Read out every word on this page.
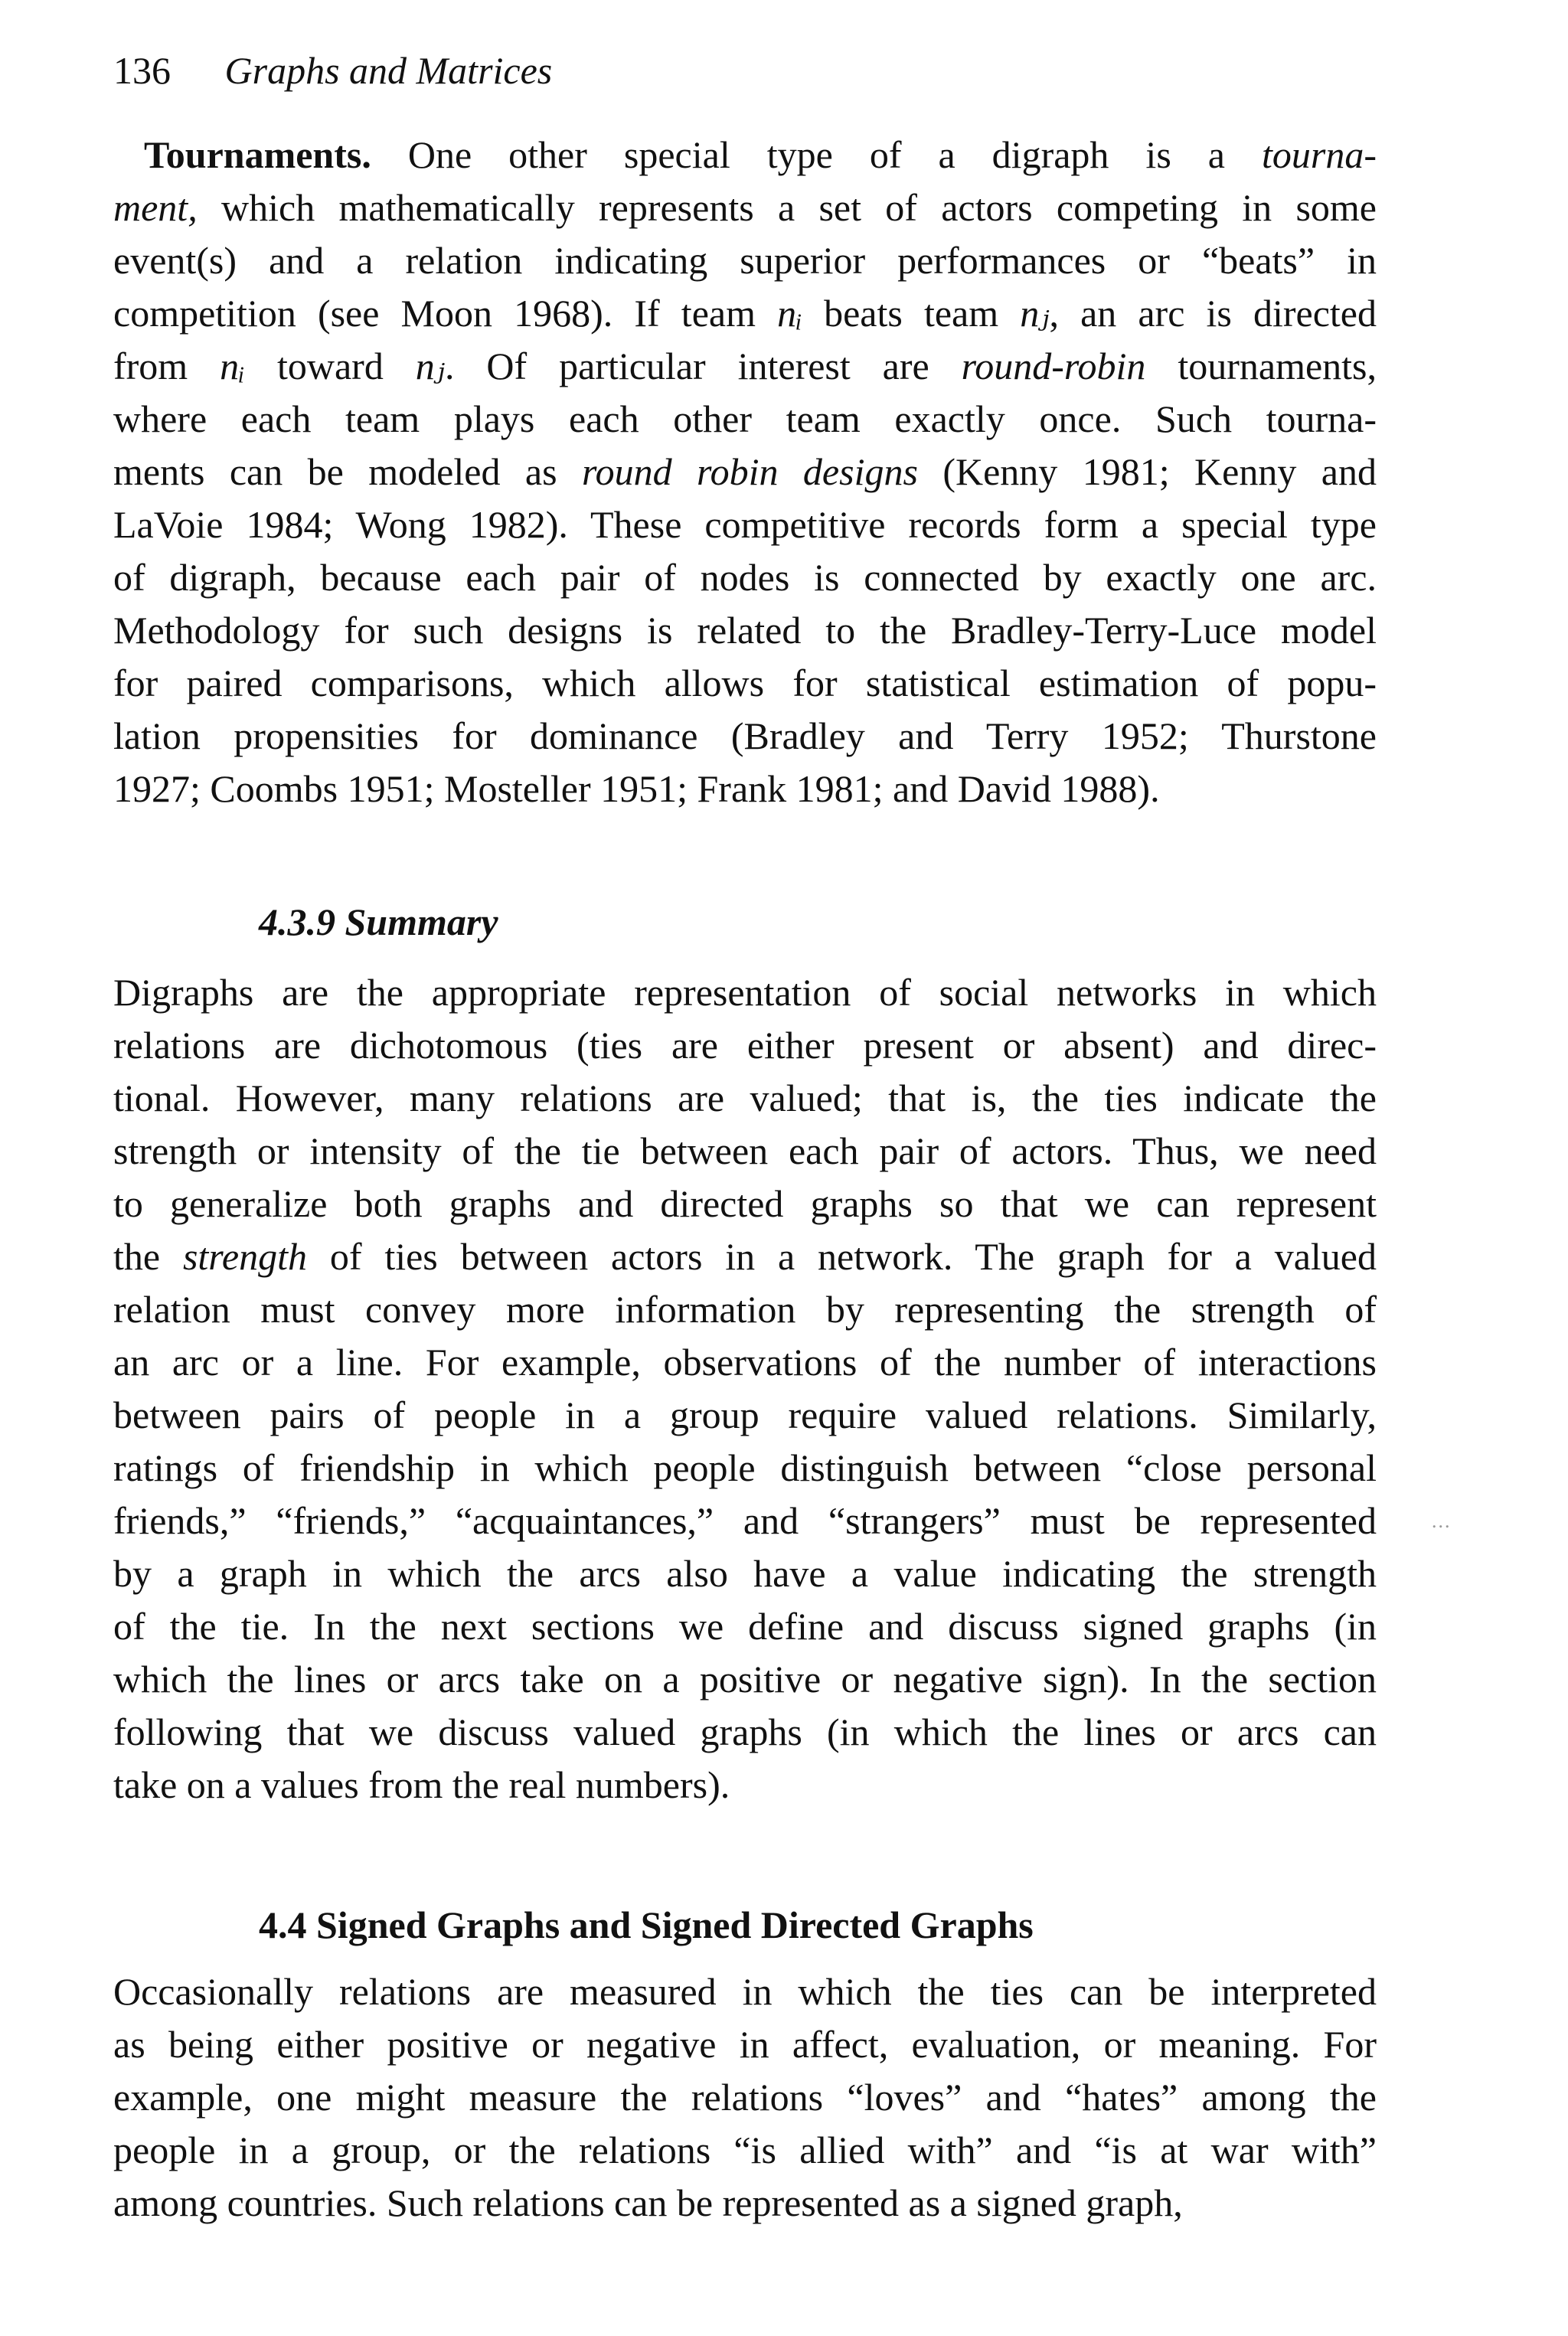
136 Graphs and Matrices
Tournaments. One other special type of a digraph is a tourna-
ment, which mathematically represents a set of actors competing in some
event(s) and a relation indicating superior performances or “beats” in
competition (see Moon 1968). If team nᵢ beats team nⱼ, an arc is directed
from nᵢ toward nⱼ. Of particular interest are round-robin tournaments,
where each team plays each other team exactly once. Such tourna-
ments can be modeled as round robin designs (Kenny 1981; Kenny and
LaVoie 1984; Wong 1982). These competitive records form a special type
of digraph, because each pair of nodes is connected by exactly one arc.
Methodology for such designs is related to the Bradley-Terry-Luce model
for paired comparisons, which allows for statistical estimation of popu-
lation propensities for dominance (Bradley and Terry 1952; Thurstone
1927; Coombs 1951; Mosteller 1951; Frank 1981; and David 1988).
4.3.9 Summary
Digraphs are the appropriate representation of social networks in which
relations are dichotomous (ties are either present or absent) and direc-
tional. However, many relations are valued; that is, the ties indicate the
strength or intensity of the tie between each pair of actors. Thus, we need
to generalize both graphs and directed graphs so that we can represent
the strength of ties between actors in a network. The graph for a valued
relation must convey more information by representing the strength of
an arc or a line. For example, observations of the number of interactions
between pairs of people in a group require valued relations. Similarly,
ratings of friendship in which people distinguish between “close personal
friends,” “friends,” “acquaintances,” and “strangers” must be represented
by a graph in which the arcs also have a value indicating the strength
of the tie. In the next sections we define and discuss signed graphs (in
which the lines or arcs take on a positive or negative sign). In the section
following that we discuss valued graphs (in which the lines or arcs can
take on a values from the real numbers).
4.4 Signed Graphs and Signed Directed Graphs
Occasionally relations are measured in which the ties can be interpreted
as being either positive or negative in affect, evaluation, or meaning. For
example, one might measure the relations “loves” and “hates” among the
people in a group, or the relations “is allied with” and “is at war with”
among countries. Such relations can be represented as a signed graph,
...
